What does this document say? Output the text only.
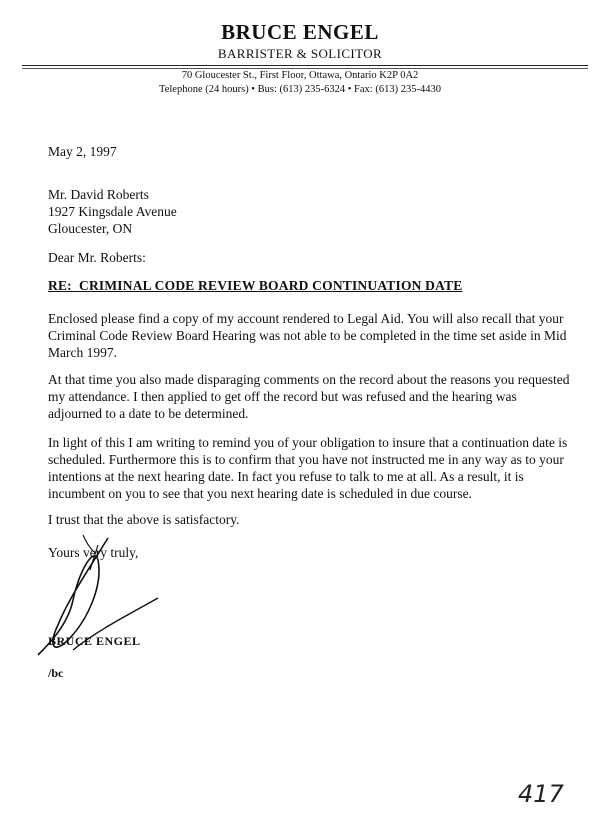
BRUCE ENGEL
BARRISTER & SOLICITOR
70 Gloucester St., First Floor, Ottawa, Ontario K2P 0A2
Telephone (24 hours) • Bus: (613) 235-6324 • Fax: (613) 235-4430
May 2, 1997
Mr. David Roberts
1927 Kingsdale Avenue
Gloucester, ON
Dear Mr. Roberts:
RE:  CRIMINAL CODE REVIEW BOARD CONTINUATION DATE
Enclosed please find a copy of my account rendered to Legal Aid. You will also recall that your
Criminal Code Review Board Hearing was not able to be completed in the time set aside in Mid
March 1997.
At that time you also made disparaging comments on the record about the reasons you requested
my attendance. I then applied to get off the record but was refused and the hearing was
adjourned to a date to be determined.
In light of this I am writing to remind you of your obligation to insure that a continuation date is
scheduled. Furthermore this is to confirm that you have not instructed me in any way as to your
intentions at the next hearing date. In fact you refuse to talk to me at all. As a result, it is
incumbent on you to see that you next hearing date is scheduled in due course.
I trust that the above is satisfactory.
Yours very truly,
BRUCE ENGEL
/bc
417
